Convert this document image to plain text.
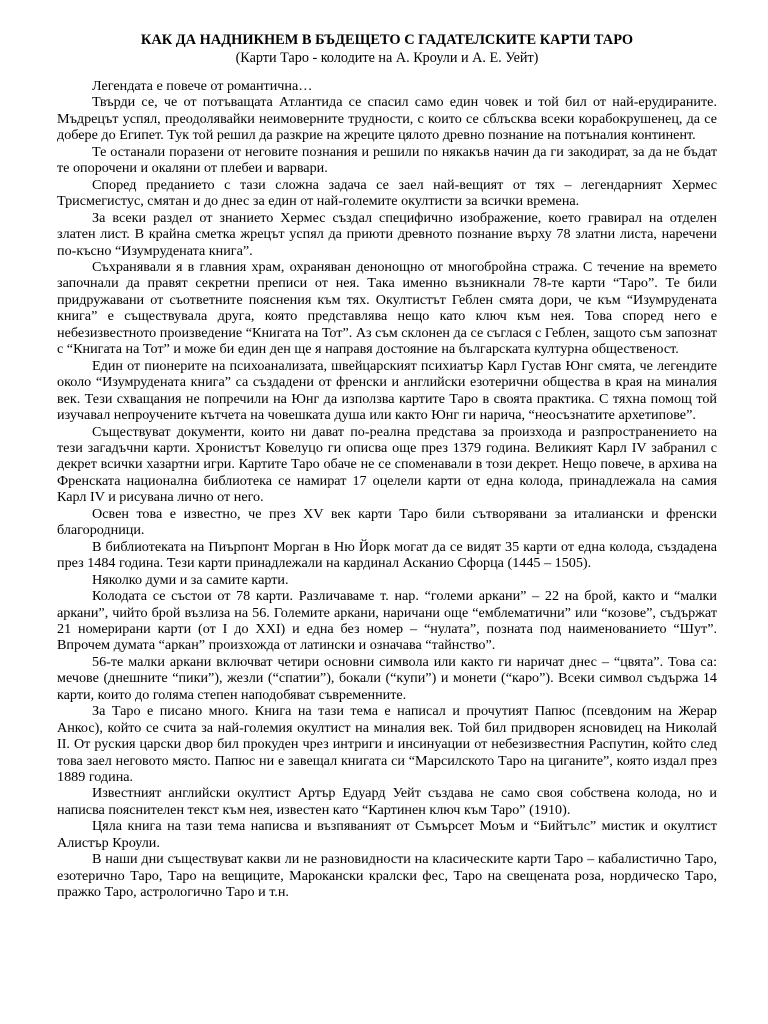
КАК ДА НАДНИКНЕМ В БЪДЕЩЕТО С ГАДАТЕЛСКИТЕ КАРТИ ТАРО
(Карти Таро - колодите на А. Кроули и А. Е. Уейт)

Легендата е повече от романтична…

Твърди се, че от потъващата Атлантида се спасил само един човек и той бил от най-ерудираните. Мъдрецът успял, преодолявайки неимоверните трудности, с които се сблъсква всеки корабокрушенец, да се добере до Египет. Тук той решил да разкрие на жреците цялото древно познание на потъналия континент.

Те останали поразени от неговите познания и решили по някакъв начин да ги закодират, за да не бъдат те опорочени и окаляни от плебеи и варвари.

Според преданието с тази сложна задача се заел най-вещият от тях – легендарният Хермес Трисмегистус, смятан и до днес за един от най-големите окултисти за всички времена.

За всеки раздел от знанието Хермес създал специфично изображение, което гравирал на отделен златен лист. В крайна сметка жрецът успял да приюти древното познание върху 78 златни листа, наречени по-късно “Изумрудената книга”.

Съхранявали я в главния храм, охраняван денонощно от многобройна стража. С течение на времето започнали да правят секретни преписи от нея. Така именно възникнали 78-те карти “Таро”. Те били придружавани от съответните пояснения към тях. Окултистът Геблен смята дори, че към “Изумрудената книга” е съществувала друга, която представлява нещо като ключ към нея. Това според него е небезизвестното произведение “Книгата на Тот”. Аз съм склонен да се съглася с Геблен, защото съм запознат с “Книгата на Тот” и може би един ден ще я направя достояние на българската културна общественост.

Един от пионерите на психоанализата, швейцарският психиатър Карл Густав Юнг смята, че легендите около “Изумрудената книга” са създадени от френски и английски езотерични общества в края на миналия век. Тези схващания не попречили на Юнг да използва картите Таро в своята практика. С тяхна помощ той изучавал непроучените кътчета на човешката душа или както Юнг ги нарича, “неосъзнатите архетипове”.

Съществуват документи, които ни дават по-реална представа за произхода и разпространението на тези загадъчни карти. Хронистът Ковелуцо ги описва още през 1379 година. Великият Карл IV забранил с декрет всички хазартни игри. Картите Таро обаче не се споменавали в този декрет. Нещо повече, в архива на Френската национална библиотека се намират 17 оцелели карти от една колода, принадлежала на самия Карл IV и рисувана лично от него.

Освен това е известно, че през XV век карти Таро били сътворявани за италиански и френски благородници.

В библиотеката на Пиърпонт Морган в Ню Йорк могат да се видят 35 карти от една колода, създадена през 1484 година. Тези карти принадлежали на кардинал Асканио Сфорца (1445 – 1505).

Няколко думи и за самите карти.

Колодата се състои от 78 карти. Различаваме т. нар. “големи аркани” – 22 на брой, както и “малки аркани”, чийто брой възлиза на 56. Големите аркани, наричани още “емблематични” или “козове”, съдържат 21 номерирани карти (от I до XXI) и една без номер – “нулата”, позната под наименованието “Шут”. Впрочем думата “аркан” произхожда от латински и означава “тайнство”.

56-те малки аркани включват четири основни символа или както ги наричат днес – “цвята”. Това са: мечове (днешните “пики”), жезли (“спатии”), бокали (“купи”) и монети (“каро”). Всеки символ съдържа 14 карти, които до голяма степен наподобяват съвременните.

За Таро е писано много. Книга на тази тема е написал и прочутият Папюс (псевдоним на Жерар Анкос), който се счита за най-големия окултист на миналия век. Той бил придворен ясновидец на Николай II. От руския царски двор бил прокуден чрез интриги и инсинуации от небезизвестния Распутин, който след това заел неговото място. Папюс ни е завещал книгата си “Марсилското Таро на циганите”, която издал през 1889 година.

Известният английски окултист Артър Едуард Уейт създава не само своя собствена колода, но и написва пояснителен текст към нея, известен като “Картинен ключ към Таро” (1910).

Цяла книга на тази тема написва и възпяваният от Съмърсет Моъм и “Бийтълс” мистик и окултист Алистър Кроули.

В наши дни съществуват какви ли не разновидности на класическите карти Таро – кабалистично Таро, езотерично Таро, Таро на вещиците, Марокански кралски фес, Таро на свещената роза, нордическо Таро, пражко Таро, астрологично Таро и т.н.
